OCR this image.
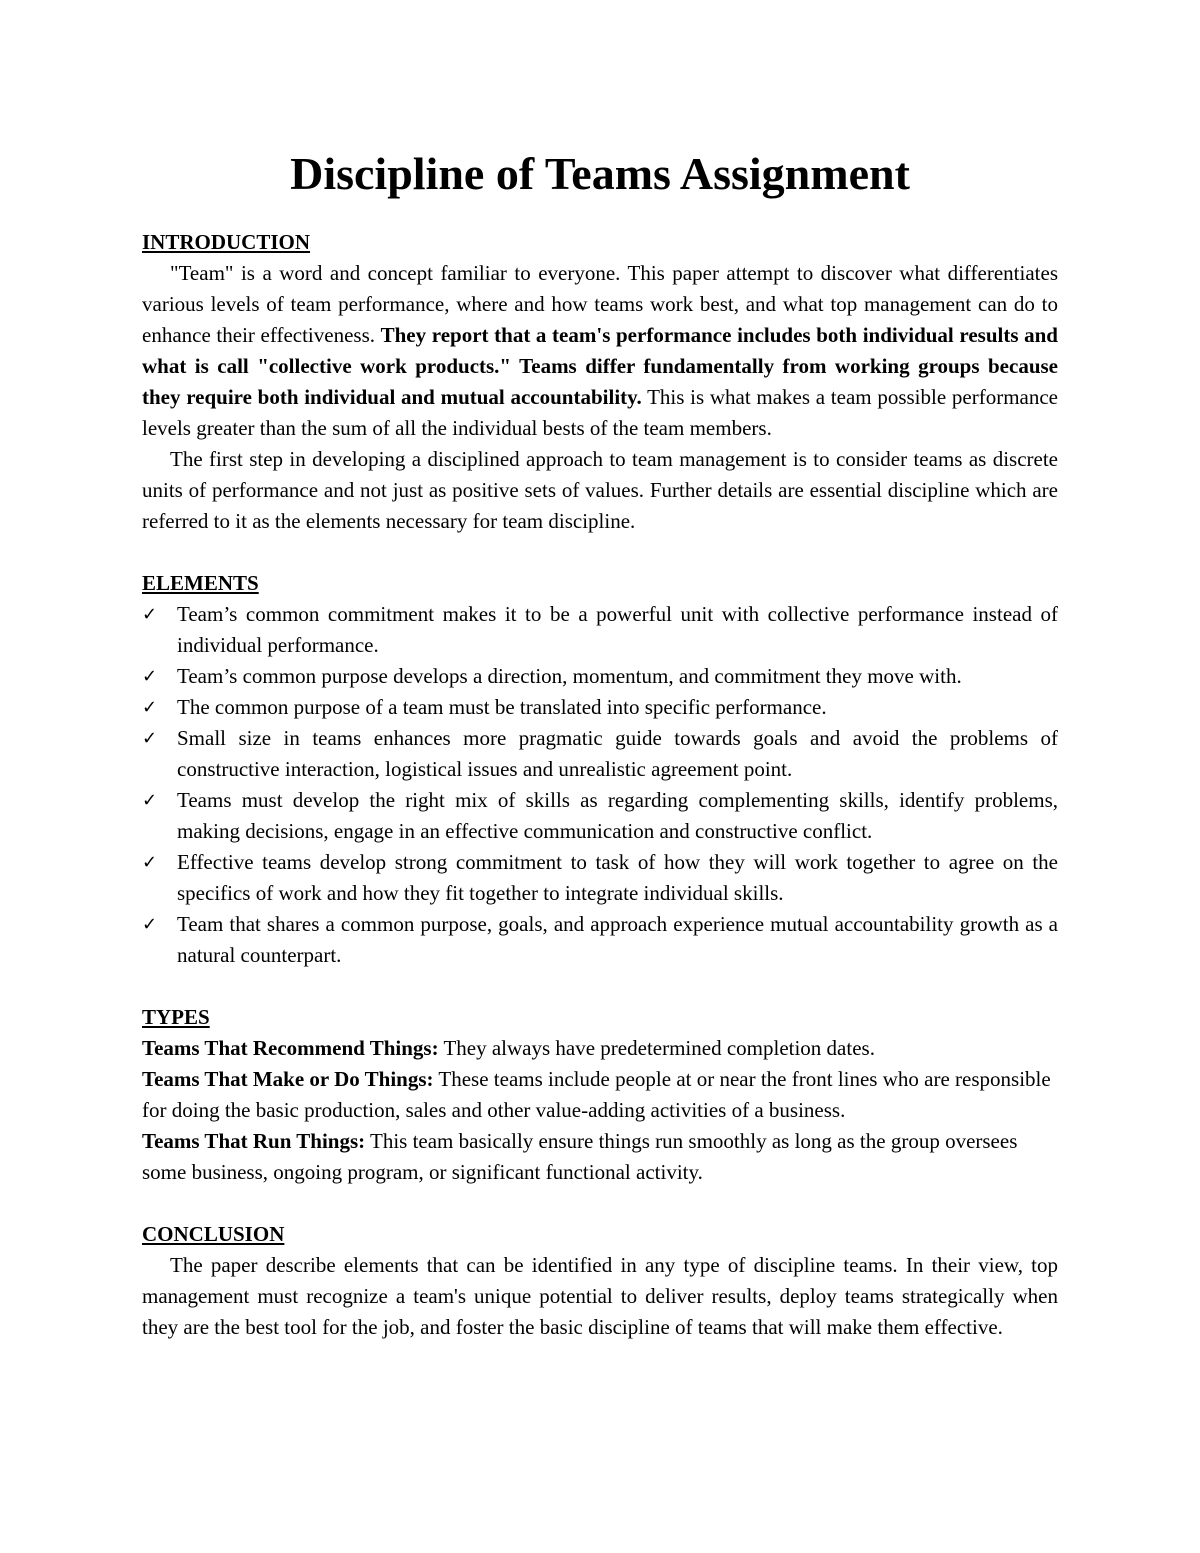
Discipline of Teams Assignment
INTRODUCTION

"Team" is a word and concept familiar to everyone. This paper attempt to discover what differentiates various levels of team performance, where and how teams work best, and what top management can do to enhance their effectiveness. They report that a team's performance includes both individual results and what is call "collective work products." Teams differ fundamentally from working groups because they require both individual and mutual accountability. This is what makes a team possible performance levels greater than the sum of all the individual bests of the team members.

The first step in developing a disciplined approach to team management is to consider teams as discrete units of performance and not just as positive sets of values. Further details are essential discipline which are referred to it as the elements necessary for team discipline.

ELEMENTS
✓ Team’s common commitment makes it to be a powerful unit with collective performance instead of individual performance.
✓ Team’s common purpose develops a direction, momentum, and commitment they move with.
✓ The common purpose of a team must be translated into specific performance.
✓ Small size in teams enhances more pragmatic guide towards goals and avoid the problems of constructive interaction, logistical issues and unrealistic agreement point.
✓ Teams must develop the right mix of skills as regarding complementing skills, identify problems, making decisions, engage in an effective communication and constructive conflict.
✓ Effective teams develop strong commitment to task of how they will work together to agree on the specifics of work and how they fit together to integrate individual skills.
✓ Team that shares a common purpose, goals, and approach experience mutual accountability growth as a natural counterpart.
TYPES

Teams That Recommend Things: They always have predetermined completion dates.

Teams That Make or Do Things: These teams include people at or near the front lines who are responsible for doing the basic production, sales and other value-adding activities of a business.

Teams That Run Things: This team basically ensure things run smoothly as long as the group oversees some business, ongoing program, or significant functional activity.

CONCLUSION

The paper describe elements that can be identified in any type of discipline teams. In their view, top management must recognize a team's unique potential to deliver results, deploy teams strategically when they are the best tool for the job, and foster the basic discipline of teams that will make them effective.
